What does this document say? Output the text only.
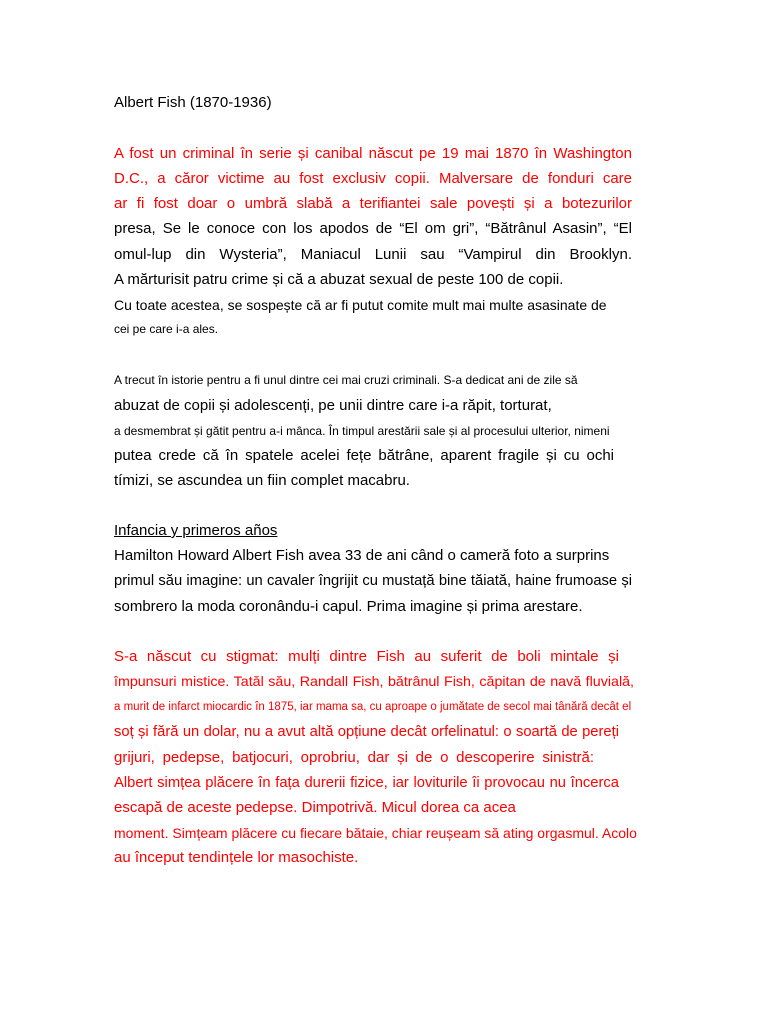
Albert Fish (1870-1936)

A fost un criminal în serie și canibal născut pe 19 mai 1870 în Washington

D.C., a căror victime au fost exclusiv copii. Malversare de fonduri care

ar fi fost doar o umbră slabă a terifiantei sale povești și a botezurilor

presa, Se le conoce con los apodos de “El om gri”, “Bătrânul Asasin”, “El

omul-lup din Wysteria”, Maniacul Lunii sau “Vampirul din Brooklyn.

A mărturisit patru crime și că a abuzat sexual de peste 100 de copii.

Cu toate acestea, se sospește că ar fi putut comite mult mai multe asasinate de

cei pe care i-a ales.

A trecut în istorie pentru a fi unul dintre cei mai cruzi criminali. S-a dedicat ani de zile să

abuzat de copii și adolescenți, pe unii dintre care i-a răpit, torturat,

a desmembrat și gătit pentru a-i mânca. În timpul arestării sale și al procesului ulterior, nimeni

putea crede că în spatele acelei fețe bătrâne, aparent fragile și cu ochi

tímizi, se ascundea un fiin complet macabru.

Infancia y primeros años

Hamilton Howard Albert Fish avea 33 de ani când o cameră foto a surprins

primul său imagine: un cavaler îngrijit cu mustață bine tăiată, haine frumoase și

sombrero la moda coronându-i capul. Prima imagine și prima arestare.

S-a născut cu stigmat: mulți dintre Fish au suferit de boli mintale și

împunsuri mistice. Tatăl său, Randall Fish, bătrânul Fish, căpitan de navă fluvială,

a murit de infarct miocardic în 1875, iar mama sa, cu aproape o jumătate de secol mai tânără decât el

soț și fără un dolar, nu a avut altă opțiune decât orfelinatul: o soartă de pereți

grijuri, pedepse, batjocuri, oprobriu, dar și de o descoperire sinistră:

Albert simțea plăcere în fața durerii fizice, iar loviturile îi provocau nu încerca

escapă de aceste pedepse. Dimpotrivă. Micul dorea ca acea

moment. Simțeam plăcere cu fiecare bătaie, chiar reușeam să ating orgasmul. Acolo

au început tendințele lor masochiste.
